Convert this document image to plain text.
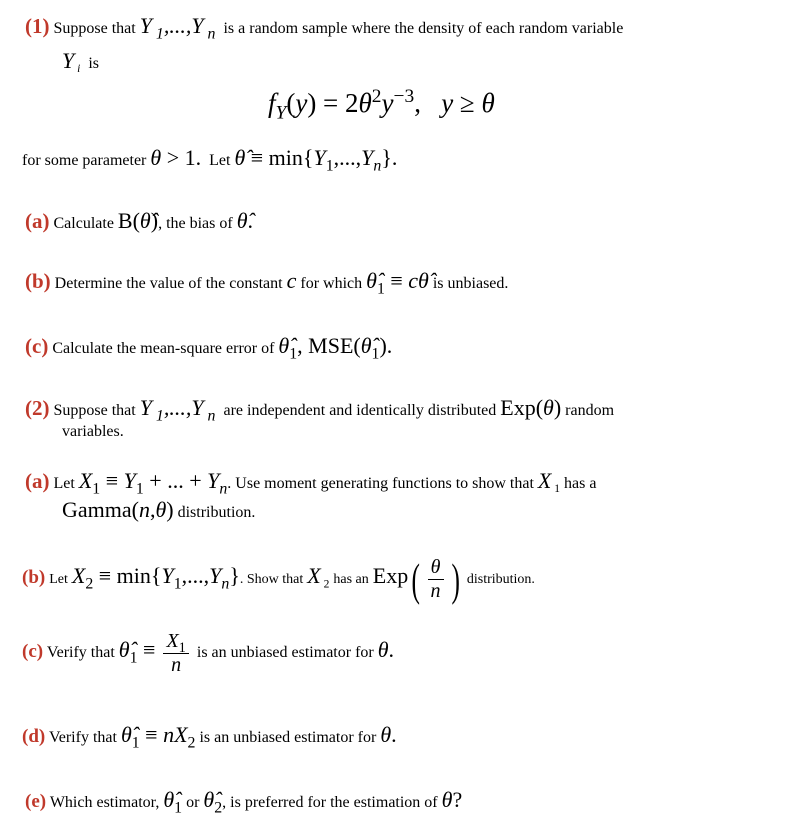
(1) Suppose that Y $_1$,...,Y $_n$ is a random sample where the density of each random variable
Y $_i$  is
$f_Y(y) = 2\theta^2y^{-3}$,   y ≥ θ
for some parameter θ > 1. Let θ̂ ≡ $\min\{Y_1,...,Y_n\}$.
(a) Calculate B(θ̂), the bias of θ̂.
(b) Determine the value of the constant c for which $\thetâ_1$ ≡ cθ̂ is unbiased.
(c) Calculate the mean-square error of $\thetâ_1$, $MSE(\thetâ_1)$.
(2) Suppose that Y $_1$,...,Y $_n$ are independent and identically distributed Exp(θ) random
variables.
(a) Let $X_1 \equiv Y_1$ + ... + $Y_n$. Use moment generating functions to show that X $_1$ has a
Gamma(n,θ) distribution.
(b) Let $X_2 \equiv \min\{Y_1,...,Y_n\}$. Show that X $_2$ has an $Exp( \frac{\theta}{n}$ ) distribution.
(c) Verify that $\thetâ_1 \equiv \frac{X_1}{n}$ is an unbiased estimator for θ.
(d) Verify that $\thetâ_1 \equiv nX_2$ is an unbiased estimator for θ.
(e) Which estimator, $\thetâ_1$ or $\thetâ_2$, is preferred for the estimation of θ?
